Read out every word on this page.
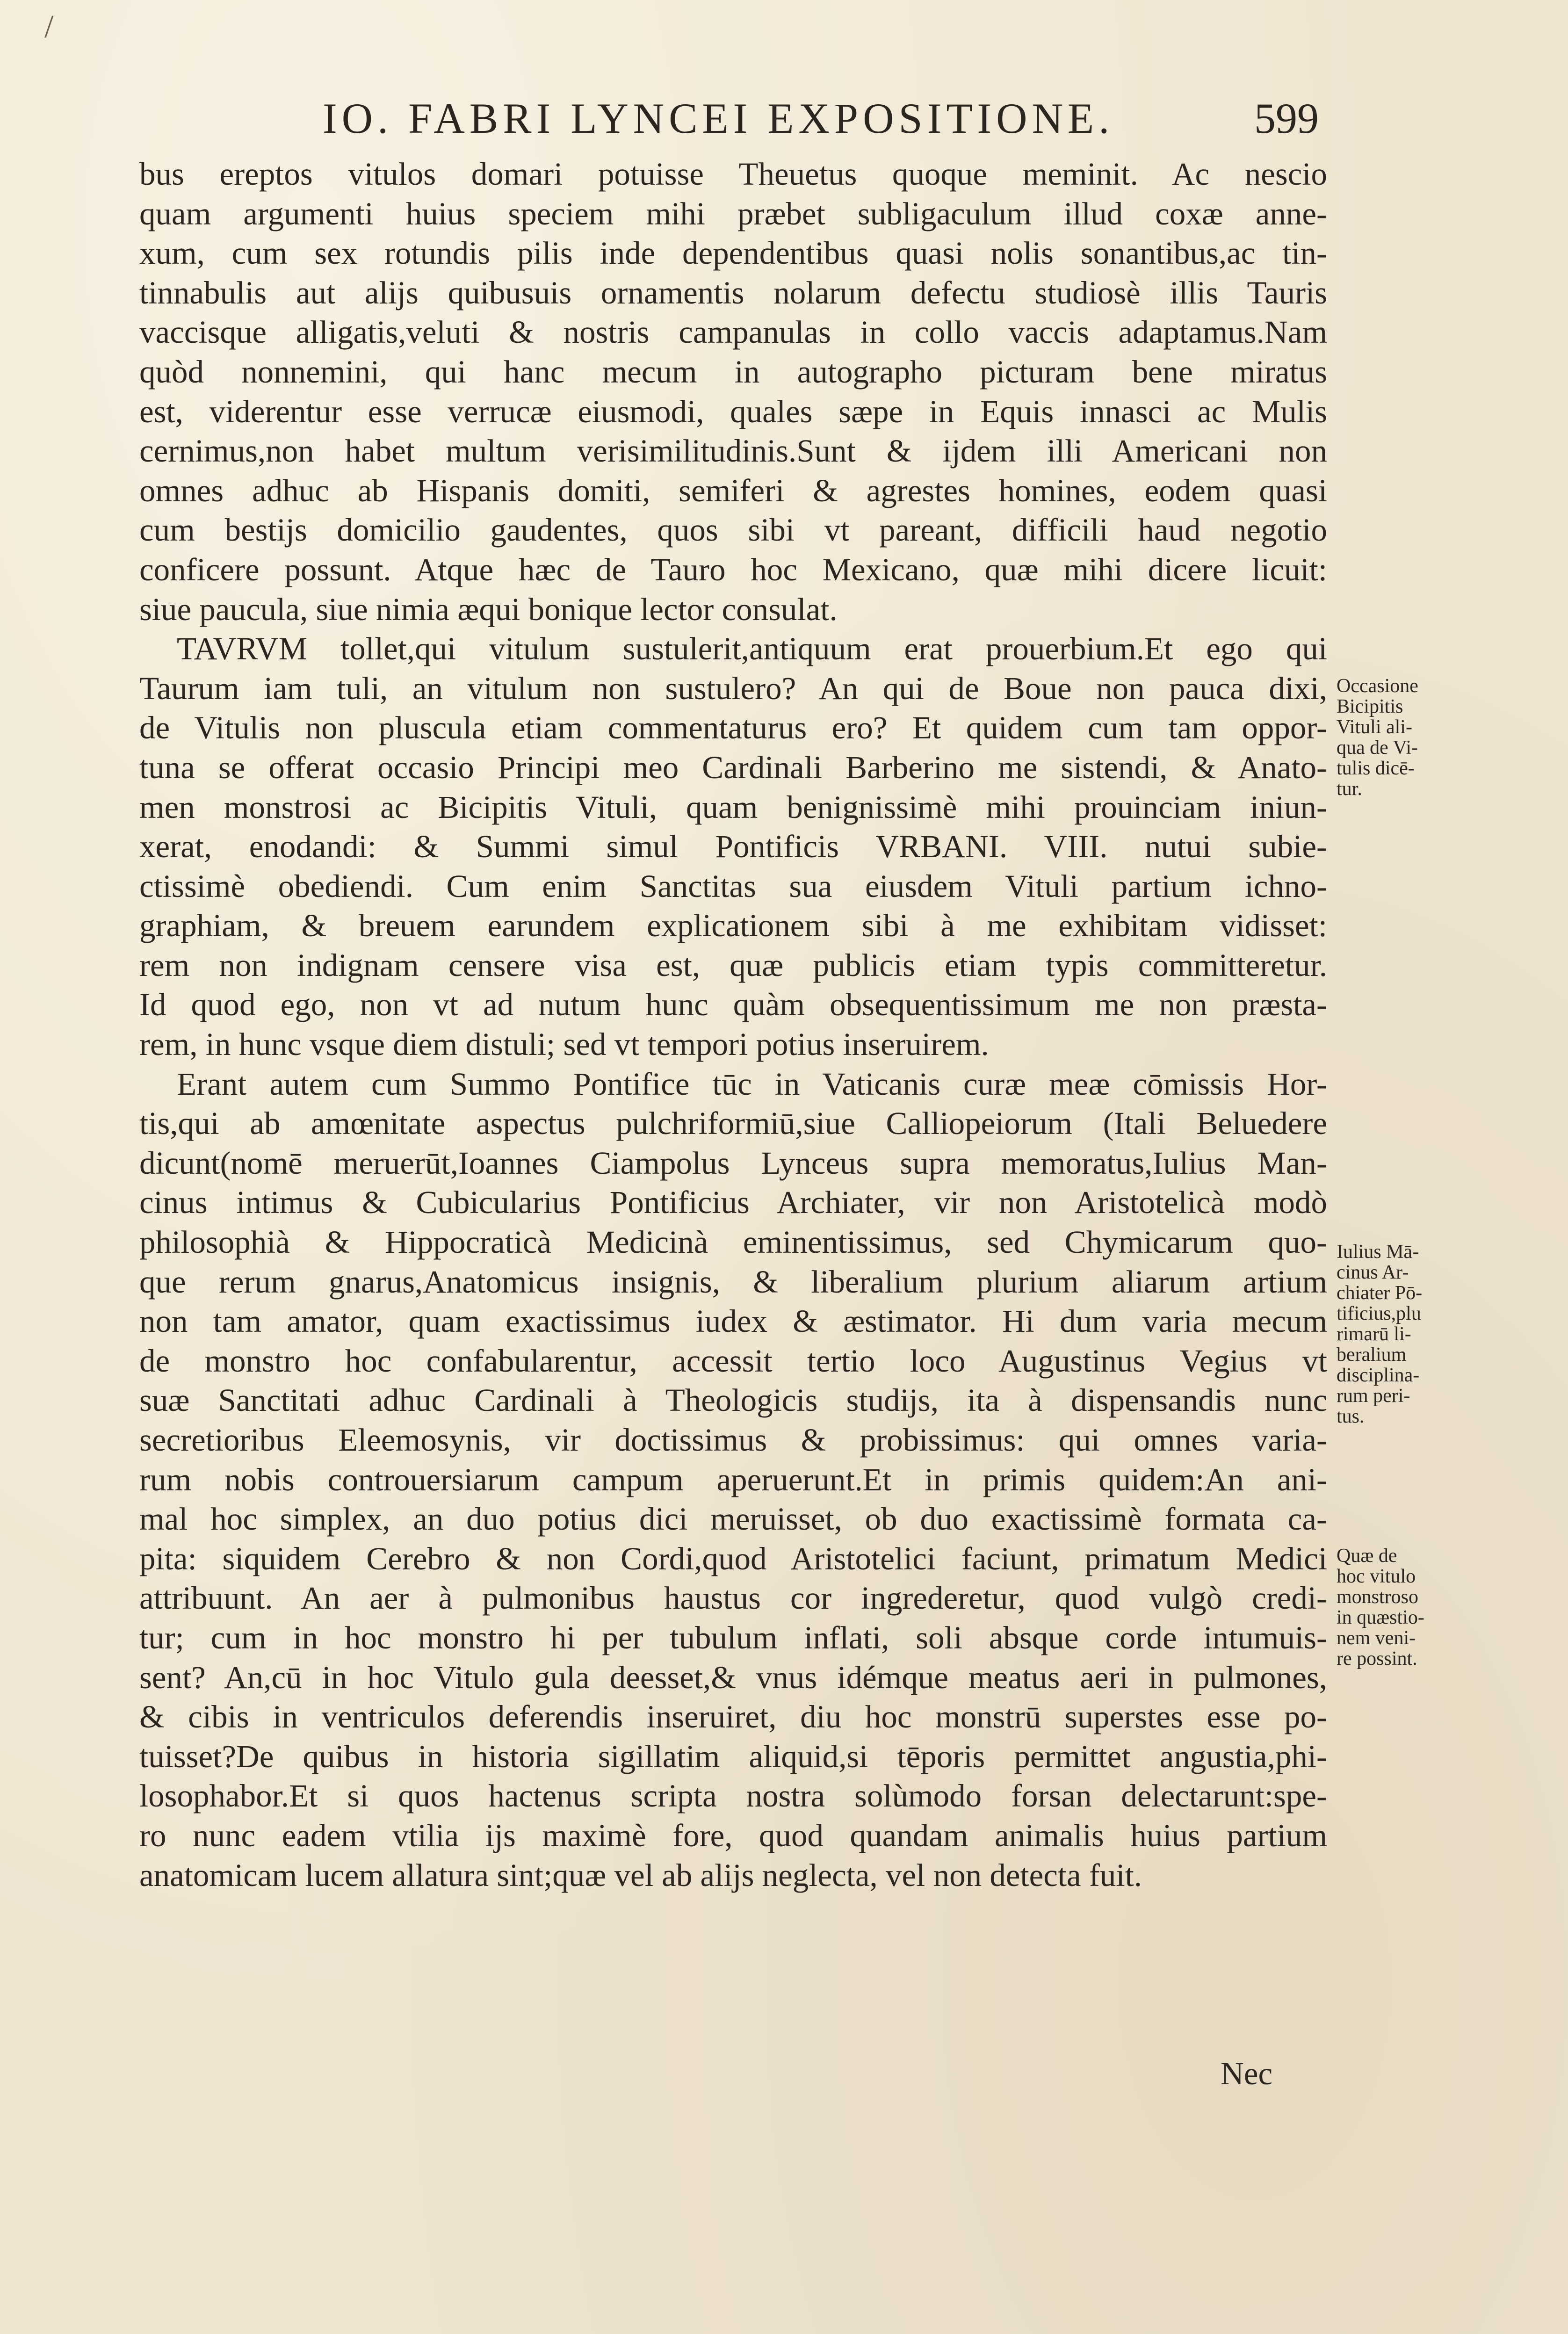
/
IO. FABRI LYNCEI EXPOSITIONE.	599
bus ereptos vitulos domari potuisse Theuetus quoque meminit. Ac nescio
quam argumenti huius speciem mihi præbet subligaculum illud coxæ anne-
xum, cum sex rotundis pilis inde dependentibus quasi nolis sonantibus,ac tin-
tinnabulis aut alijs quibusuis ornamentis nolarum defectu studiosè illis Tauris
vaccisque alligatis,veluti & nostris campanulas in collo vaccis adaptamus.Nam
quòd nonnemini, qui hanc mecum in autographo picturam bene miratus
est, viderentur esse verrucæ eiusmodi, quales sæpe in Equis innasci ac Mulis
cernimus,non habet multum verisimilitudinis.Sunt & ijdem illi Americani non
omnes adhuc ab Hispanis domiti, semiferi & agrestes homines, eodem quasi
cum bestijs domicilio gaudentes, quos sibi vt pareant, difficili haud negotio
conficere possunt. Atque hæc de Tauro hoc Mexicano, quæ mihi dicere licuit:
siue paucula, siue nimia æqui bonique lector consulat.
TAVRVM tollet,qui vitulum sustulerit,antiquum erat prouerbium.Et ego qui
Taurum iam tuli, an vitulum non sustulero? An qui de Boue non pauca dixi,
de Vitulis non pluscula etiam commentaturus ero? Et quidem cum tam oppor-
tuna se offerat occasio Principi meo Cardinali Barberino me sistendi, & Anato-
men monstrosi ac Bicipitis Vituli, quam benignissimè mihi prouinciam iniun-
xerat, enodandi: & Summi simul Pontificis VRBANI. VIII. nutui subie-
ctissimè obediendi. Cum enim Sanctitas sua eiusdem Vituli partium ichno-
graphiam, & breuem earundem explicationem sibi à me exhibitam vidisset:
rem non indignam censere visa est, quæ publicis etiam typis committeretur.
Id quod ego, non vt ad nutum hunc quàm obsequentissimum me non præsta-
rem, in hunc vsque diem distuli; sed vt tempori potius inseruirem.
Erant autem cum Summo Pontifice tūc in Vaticanis curæ meæ cōmissis Hor-
tis,qui ab amœnitate aspectus pulchriformiū,siue Calliopeiorum (Itali Beluedere
dicunt(nomē meruerūt,Ioannes Ciampolus Lynceus supra memoratus,Iulius Man-
cinus intimus & Cubicularius Pontificius Archiater, vir non Aristotelicà modò
philosophià & Hippocraticà Medicinà eminentissimus, sed Chymicarum quo-
que rerum gnarus,Anatomicus insignis, & liberalium plurium aliarum artium
non tam amator, quam exactissimus iudex & æstimator. Hi dum varia mecum
de monstro hoc confabularentur, accessit tertio loco Augustinus Vegius vt
suæ Sanctitati adhuc Cardinali à Theologicis studijs, ita à dispensandis nunc
secretioribus Eleemosynis, vir doctissimus & probissimus: qui omnes varia-
rum nobis controuersiarum campum aperuerunt.Et in primis quidem:An ani-
mal hoc simplex, an duo potius dici meruisset, ob duo exactissimè formata ca-
pita: siquidem Cerebro & non Cordi,quod Aristotelici faciunt, primatum Medici
attribuunt. An aer à pulmonibus haustus cor ingrederetur, quod vulgò credi-
tur; cum in hoc monstro hi per tubulum inflati, soli absque corde intumuis-
sent? An,cū in hoc Vitulo gula deesset,& vnus idémque meatus aeri in pulmones,
& cibis in ventriculos deferendis inseruiret, diu hoc monstrū superstes esse po-
tuisset?De quibus in historia sigillatim aliquid,si tēporis permittet angustia,phi-
losophabor.Et si quos hactenus scripta nostra solùmodo forsan delectarunt:spe-
ro nunc eadem vtilia ijs maximè fore, quod quandam animalis huius partium
anatomicam lucem allatura sint;quæ vel ab alijs neglecta, vel non detecta fuit.
Nec
Occasione
Bicipitis
Vituli ali-
qua de Vi-
tulis dicē-
tur.
Iulius Mā-
cinus Ar-
chiater Pō-
tificius,plu
rimarū li-
beralium
disciplina-
rum peri-
tus.
Quæ de
hoc vitulo
monstroso
in quæstio-
nem veni-
re possint.
